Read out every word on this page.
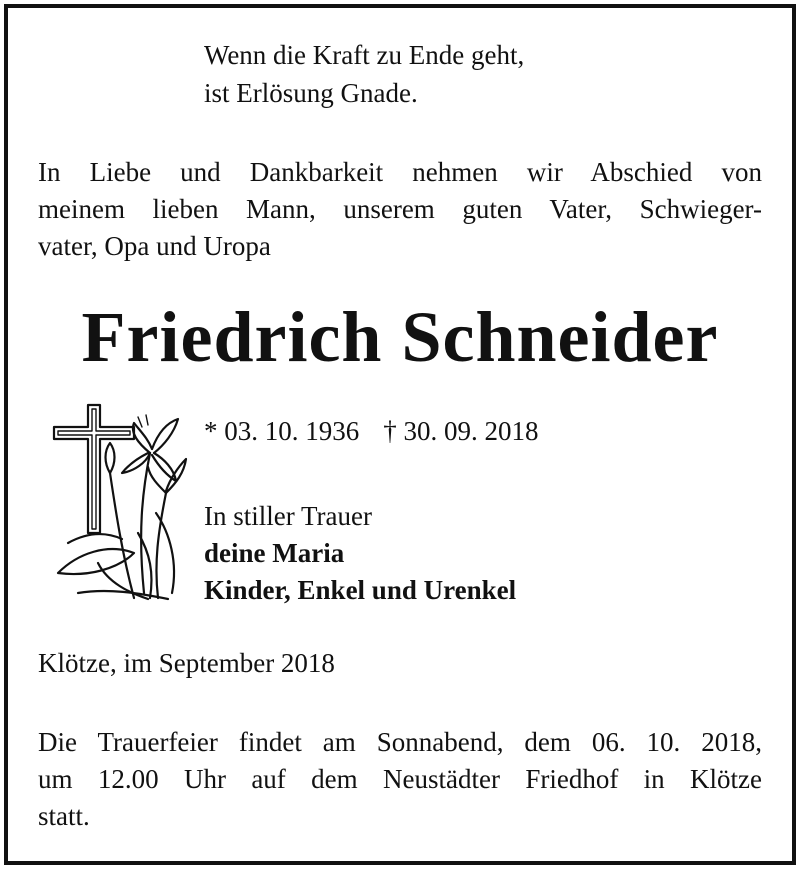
Wenn die Kraft zu Ende geht,
ist Erlösung Gnade.
In Liebe und Dankbarkeit nehmen wir Abschied von
meinem lieben Mann, unserem guten Vater, Schwieger-
vater, Opa und Uropa
Friedrich Schneider
* 03. 10. 1936 † 30. 09. 2018
In stiller Trauer
deine Maria
Kinder, Enkel und Urenkel
Klötze, im September 2018
Die Trauerfeier findet am Sonnabend, dem 06. 10. 2018,
um 12.00 Uhr auf dem Neustädter Friedhof in Klötze
statt.
